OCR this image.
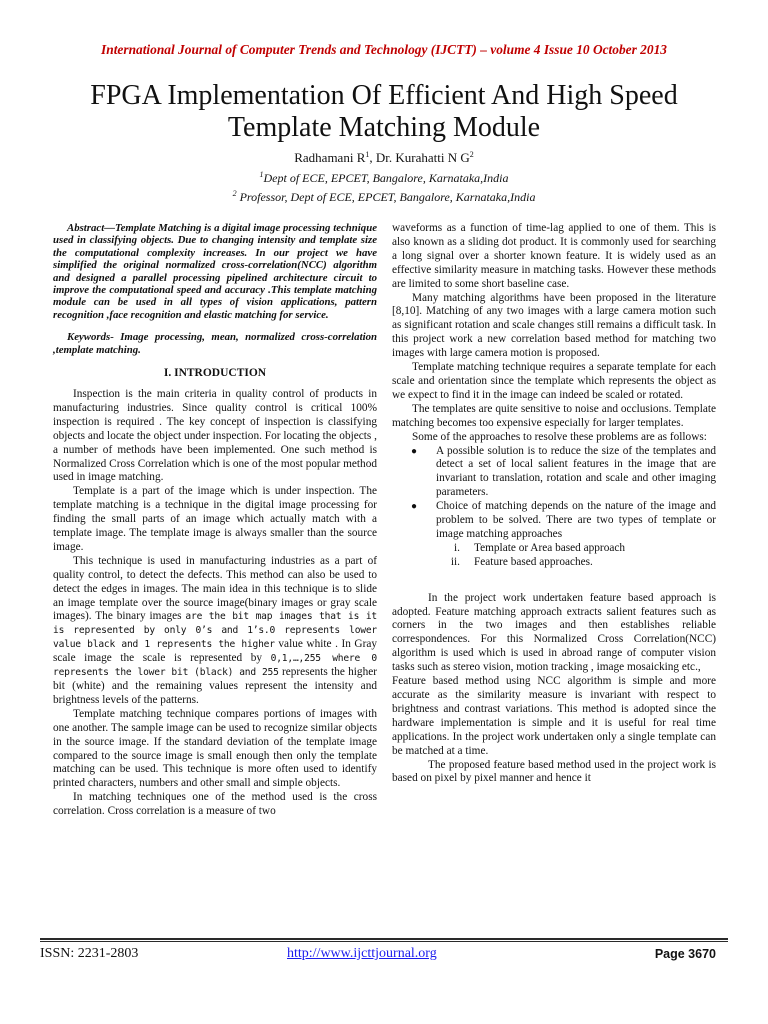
International Journal of Computer Trends and Technology (IJCTT) – volume 4 Issue 10 October 2013
FPGA Implementation Of Efficient And High Speed
Template Matching Module
Radhamani $R^1$, Dr. Kurahatti N $G^2$
$^1$Dept of ECE, EPCET, Bangalore, Karnataka,India
$^2$ Professor, Dept of ECE, EPCET, Bangalore, Karnataka,India

Abstract—Template Matching is a digital image processing technique used in classifying objects. Due to changing intensity and template size the computational complexity increases. In our project we have simplified the original normalized cross-correlation(NCC) algorithm and designed a parallel processing pipelined architecture circuit to improve the computational speed and accuracy .This template matching module can be used in all types of vision applications, pattern recognition ,face recognition and elastic matching for service.

Keywords- Image processing, mean, normalized cross-correlation ,template matching.

I. INTRODUCTION

Inspection is the main criteria in quality control of products in manufacturing industries. Since quality control is critical 100% inspection is required . The key concept of inspection is classifying objects and locate the object under inspection. For locating the objects , a number of methods have been implemented. One such method is Normalized Cross Correlation which is one of the most popular method used in image matching.

Template is a part of the image which is under inspection. The template matching is a technique in the digital image processing for finding the small parts of an image which actually match with a template image. The template image is always smaller than the source image.

This technique is used in manufacturing industries as a part of quality control, to detect the defects. This method can also be used to detect the edges in images. The main idea in this technique is to slide an image template over the source image(binary images or gray scale images). The binary images are the bit map images that is it is represented by only 0’s and 1’s.0 represents lower value black and 1 represents the higher value white . In Gray scale image the scale is represented by 0,1,…,255 where 0 represents the lower bit (black) and 255 represents the higher bit (white) and the remaining values represent the intensity and brightness levels of the patterns.

Template matching technique compares portions of images with one another. The sample image can be used to recognize similar objects in the source image. If the standard deviation of the template image compared to the source image is small enough then only the template matching can be used. This technique is more often used to identify printed characters, numbers and other small and simple objects.

In matching techniques one of the method used is the cross correlation. Cross correlation is a measure of two

waveforms as a function of time-lag applied to one of them. This is also known as a sliding dot product. It is commonly used for searching a long signal over a shorter known feature. It is widely used as an effective similarity measure in matching tasks. However these methods are limited to some short baseline case.

Many matching algorithms have been proposed in the literature [8,10]. Matching of any two images with a large camera motion such as significant rotation and scale changes still remains a difficult task. In this project work a new correlation based method for matching two images with large camera motion is proposed.

Template matching technique requires a separate template for each scale and orientation since the template which represents the object as we expect to find it in the image can indeed be scaled or rotated.

The templates are quite sensitive to noise and occlusions. Template matching becomes too expensive especially for larger templates.

Some of the approaches to resolve these problems are as follows:

●	A possible solution is to reduce the size of the templates and detect a set of local salient features in the image that are invariant to translation, rotation and scale and other imaging parameters.
●	Choice of matching depends on the nature of the image and problem to be solved. There are two types of template or image matching approaches
i.	Template or Area based approach
ii.	Feature based approaches.

In the project work undertaken feature based approach is adopted. Feature matching approach extracts salient features such as corners in the two images and then establishes reliable correspondences. For this Normalized Cross Correlation(NCC) algorithm is used which is used in abroad range of computer vision tasks such as stereo vision, motion tracking , image mosaicking etc.,

Feature based method using NCC algorithm is simple and more accurate as the similarity measure is invariant with respect to brightness and contrast variations. This method is adopted since the hardware implementation is simple and it is useful for real time applications. In the project work undertaken only a single template can be matched at a time.

The proposed feature based method used in the project work is based on pixel by pixel manner and hence it

ISSN: 2231-2803	http://www.ijcttjournal.org	Page 3670
